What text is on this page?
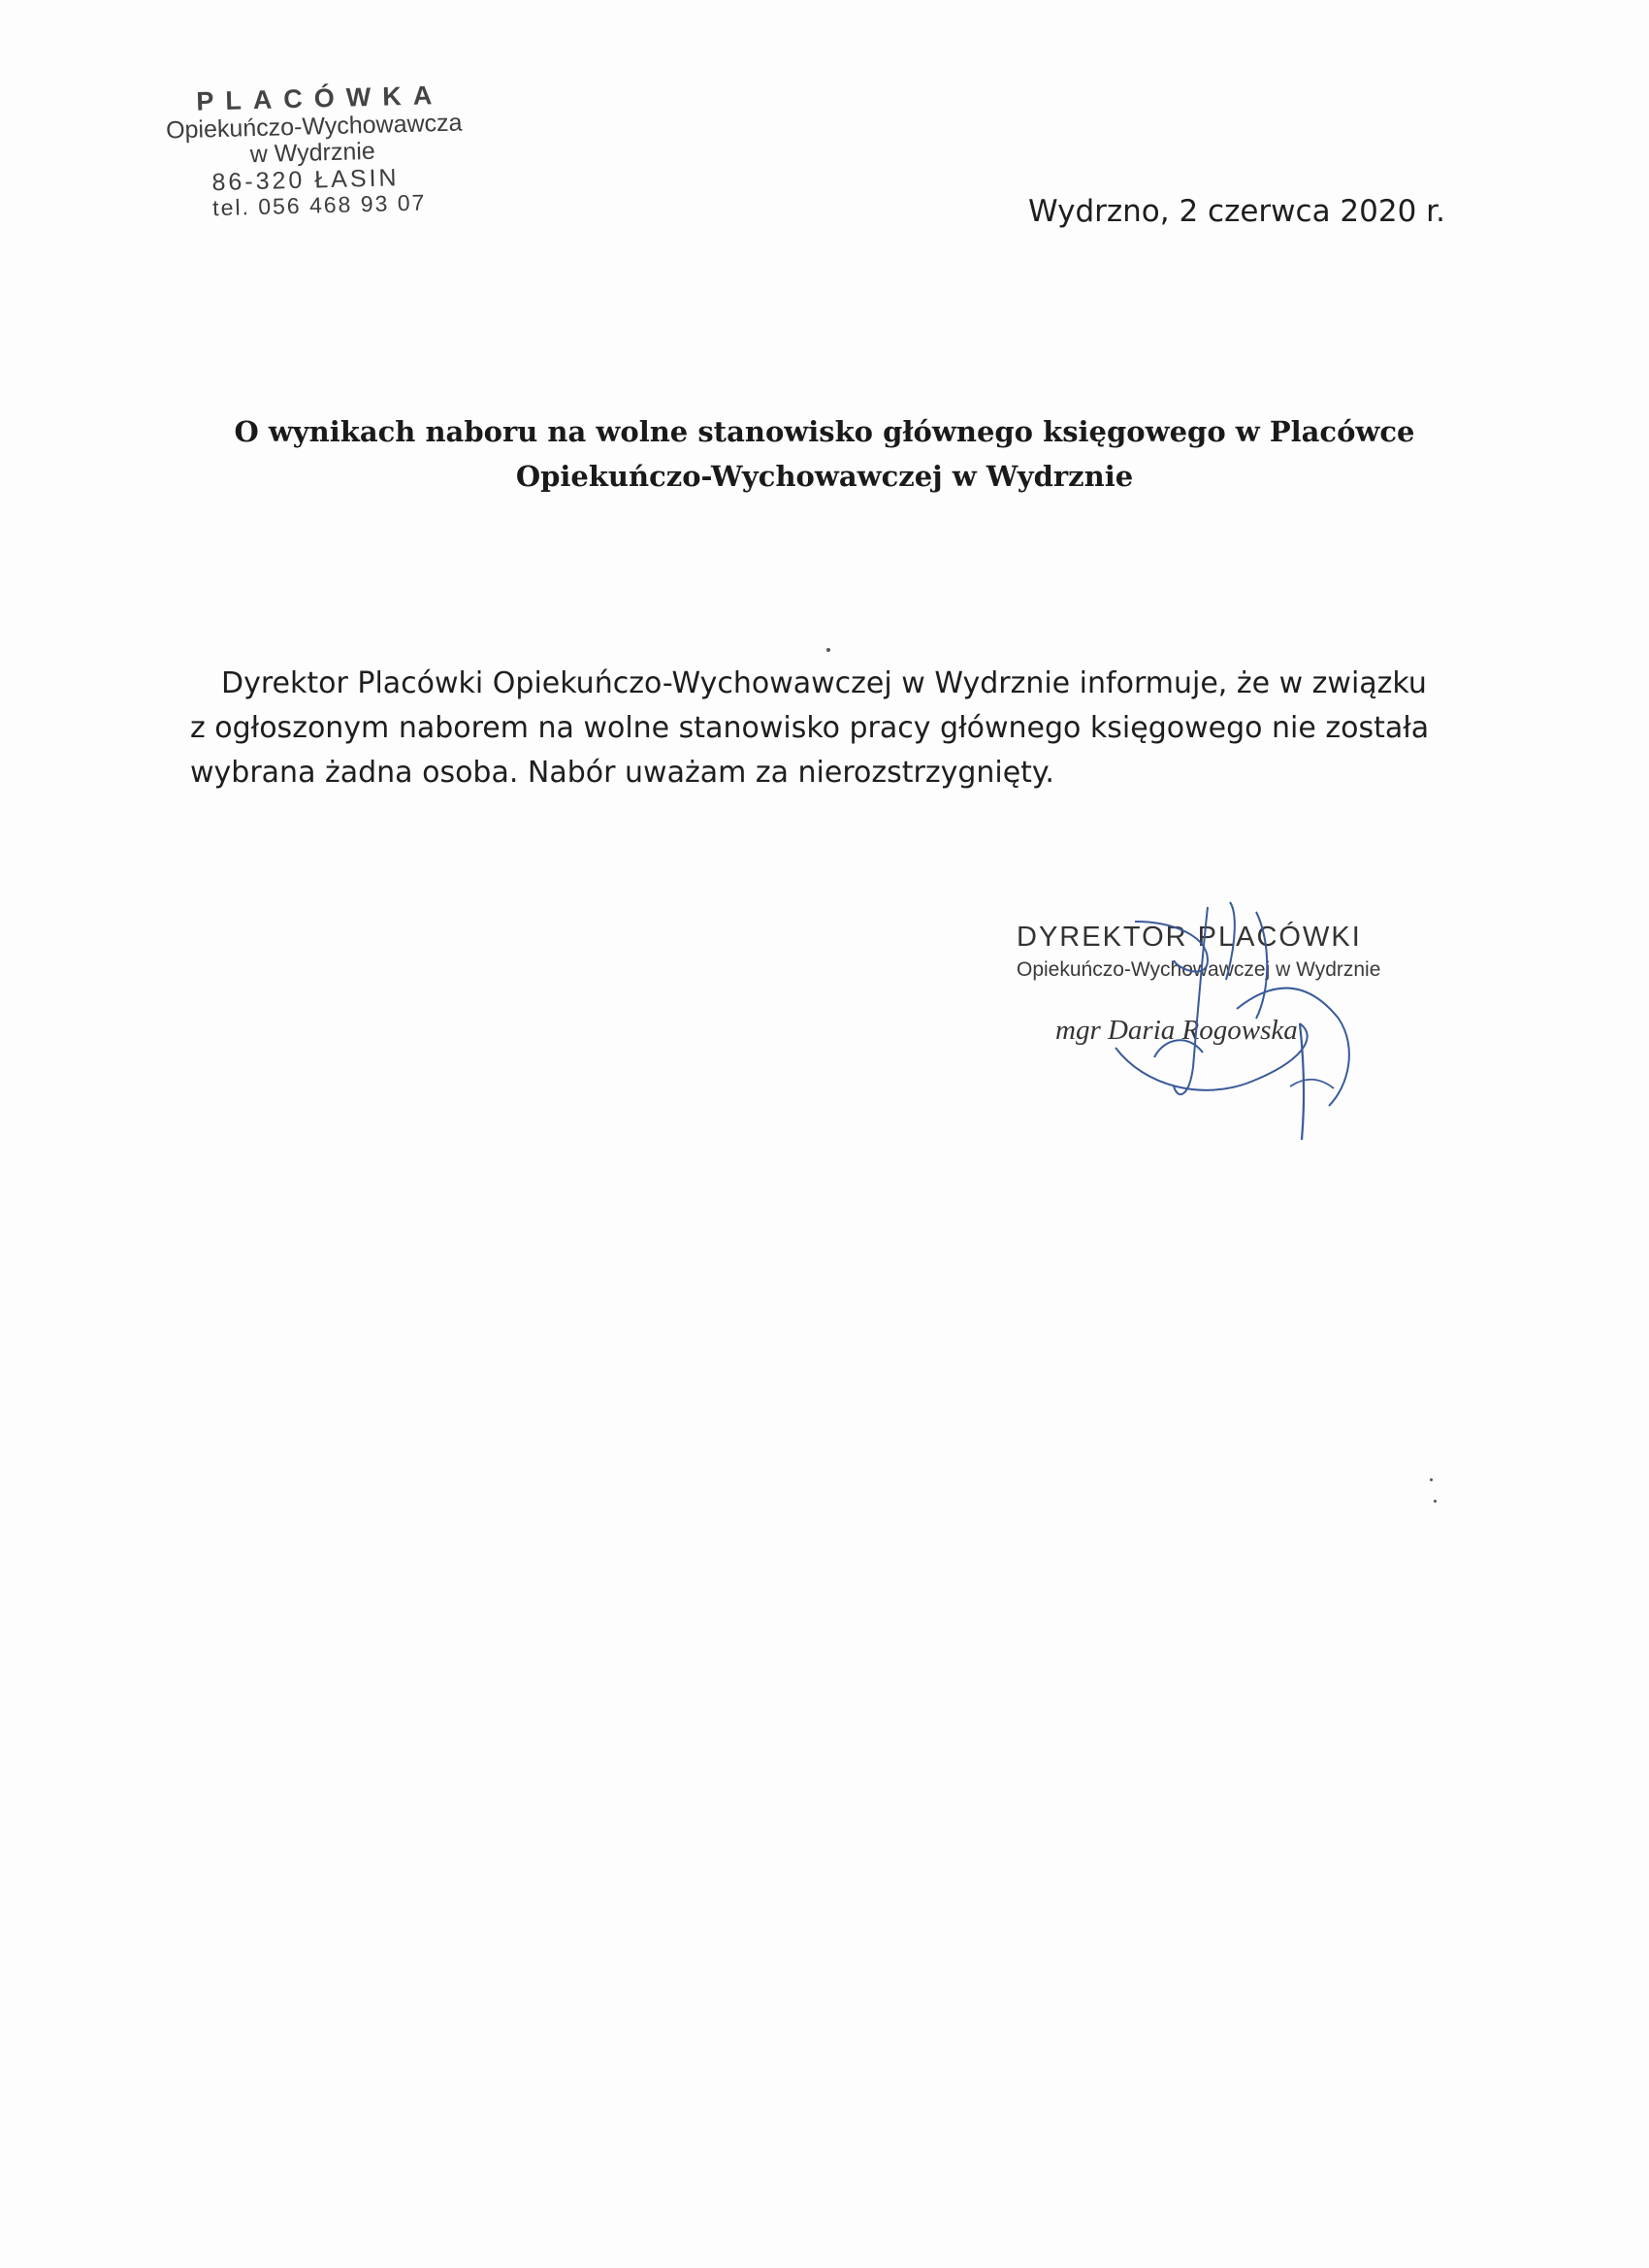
PLACÓWKA
Opiekuńczo-Wychowawcza
w Wydrznie
86-320 ŁASIN
tel. 056 468 93 07	Wydrzno, 2 czerwca 2020 r.
O wynikach naboru na wolne stanowisko głównego księgowego w Placówce
Opiekuńczo-Wychowawczej w Wydrznie
Dyrektor Placówki Opiekuńczo-Wychowawczej w Wydrznie informuje, że w związku
z ogłoszonym naborem na wolne stanowisko pracy głównego księgowego nie została
wybrana żadna osoba. Nabór uważam za nierozstrzygnięty.
DYREKTOR PLACÓWKI
Opiekuńczo-Wychowawczej w Wydrznie
mgr Daria Rogowska
